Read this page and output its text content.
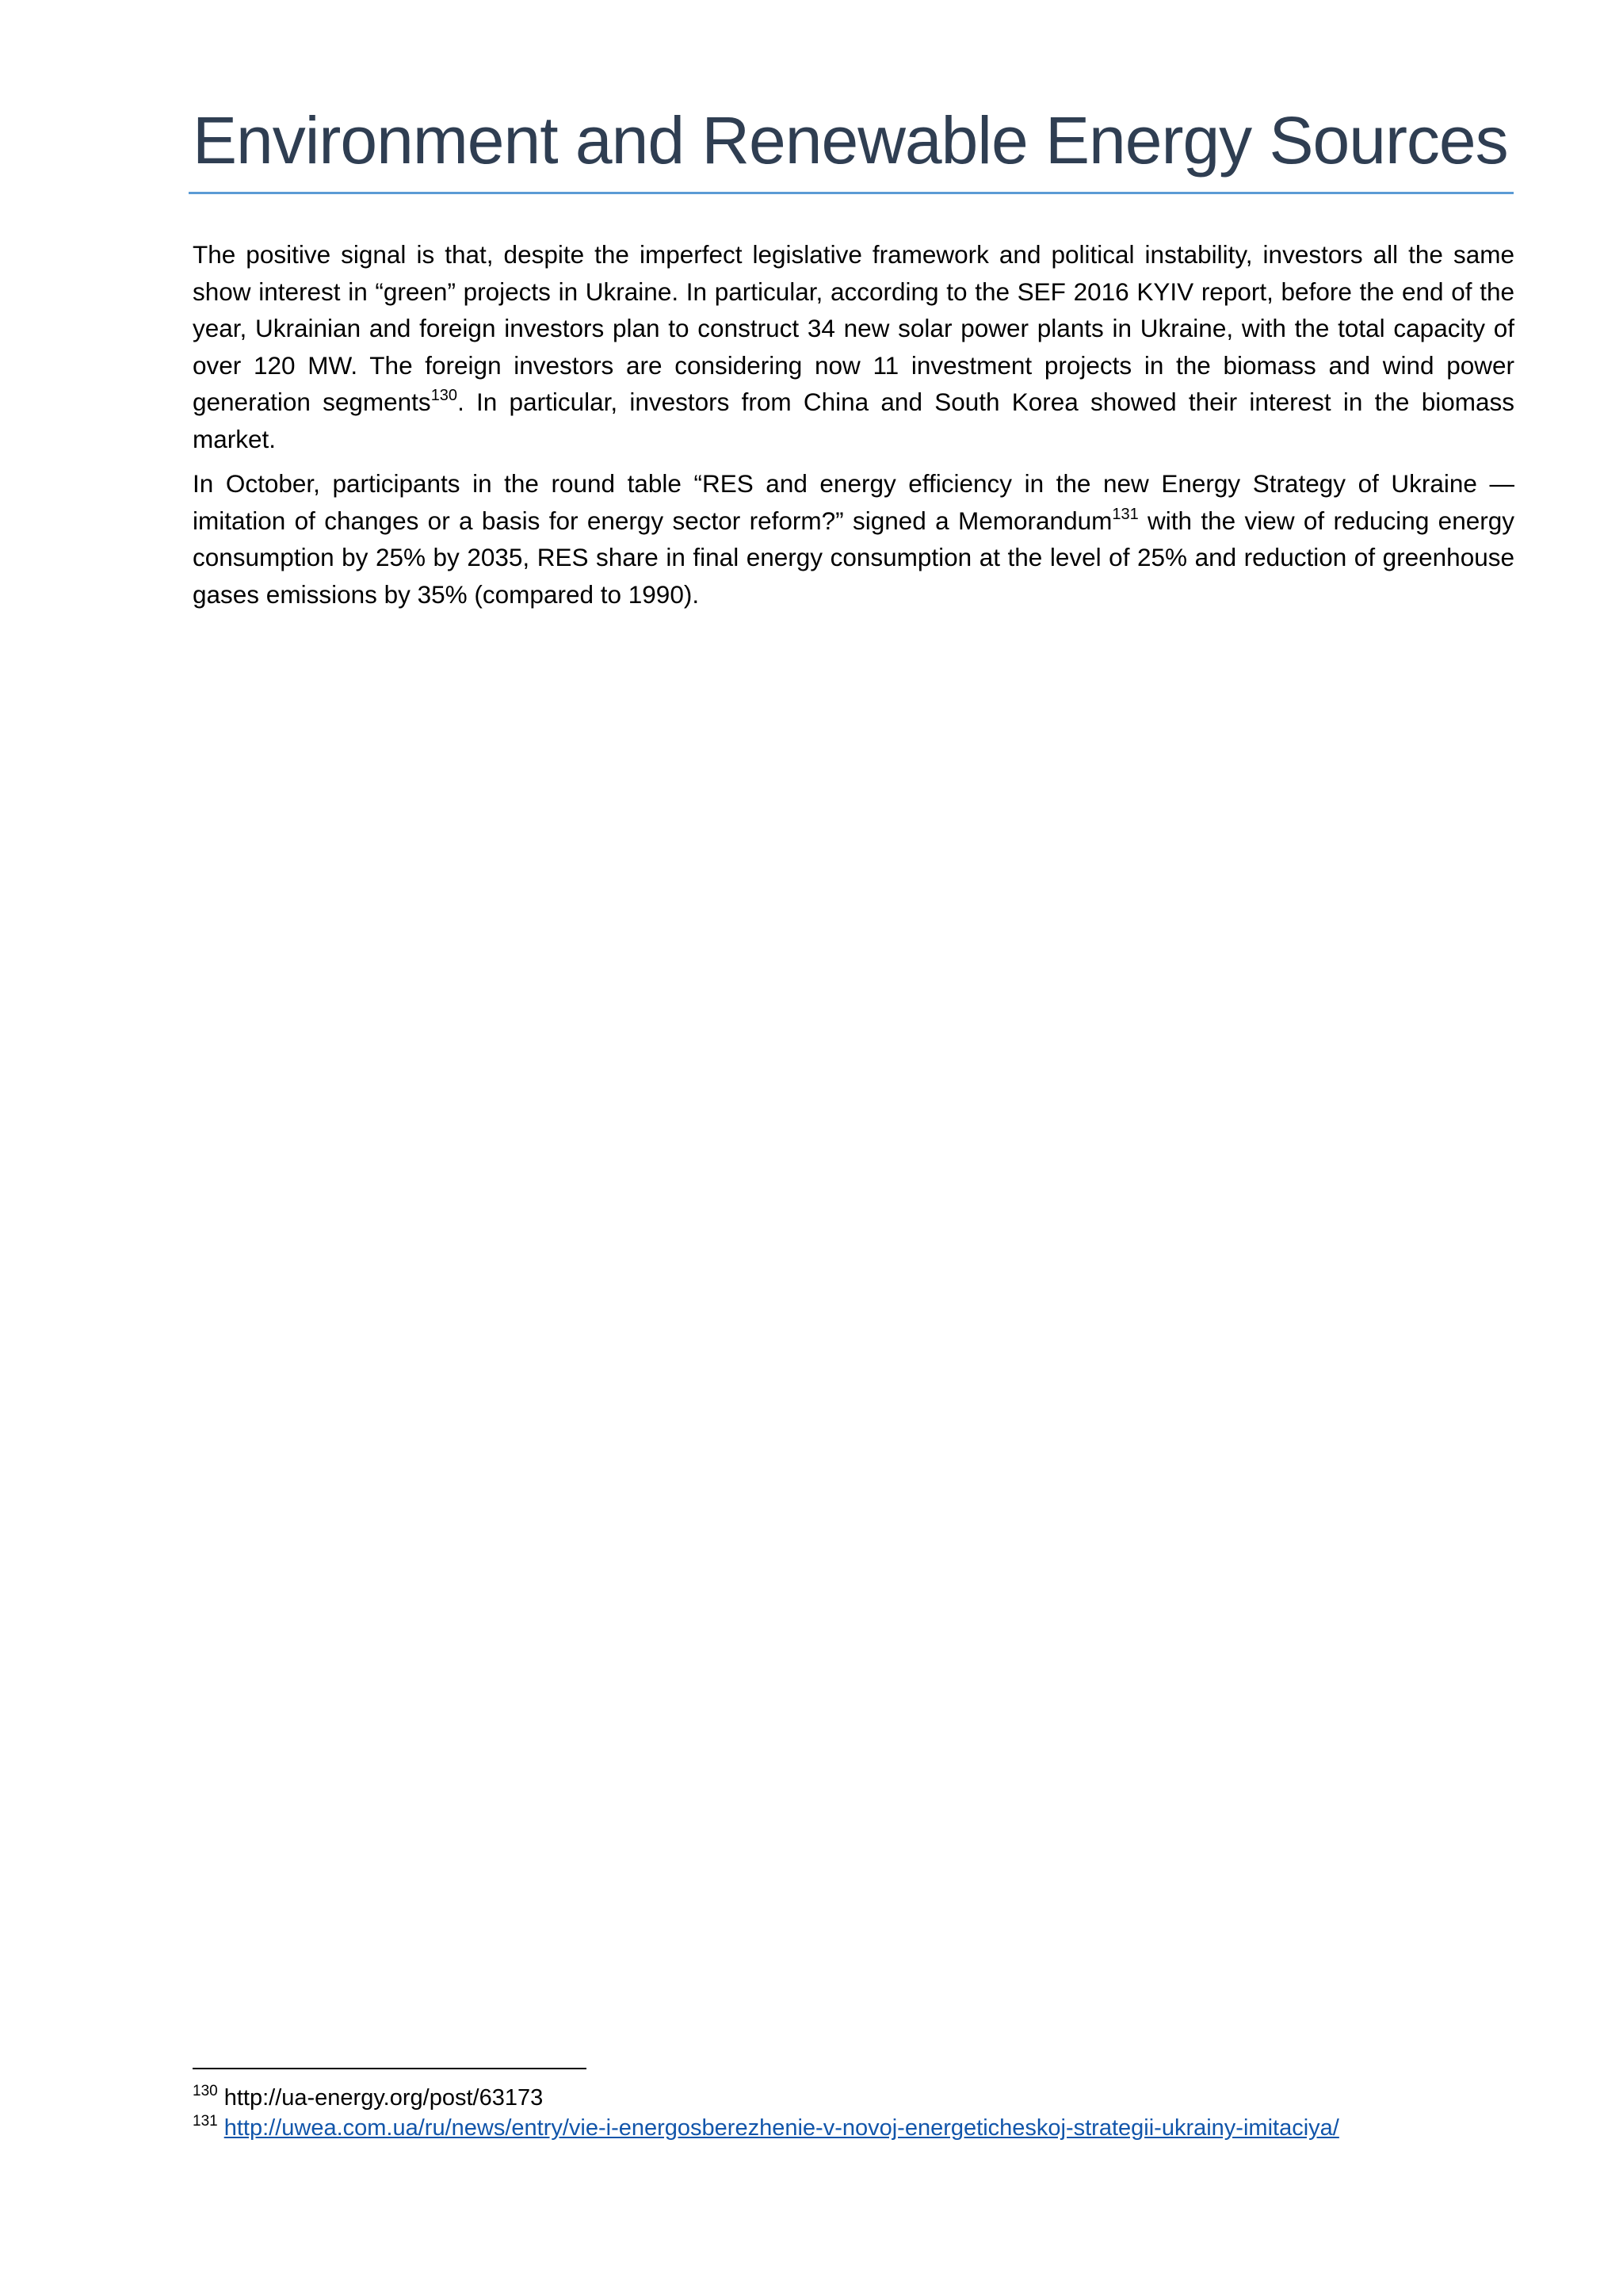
Environment and Renewable Energy Sources

The positive signal is that, despite the imperfect legislative framework and political instability, investors all the same show interest in “green” projects in Ukraine. In particular, according to the SEF 2016 KYIV report, before the end of the year, Ukrainian and foreign investors plan to construct 34 new solar power plants in Ukraine, with the total capacity of over 120 MW. The foreign investors are considering now 11 investment projects in the biomass and wind power generation segments$^{130}$. In particular, investors from China and South Korea showed their interest in the biomass market.

In October, participants in the round table “RES and energy efficiency in the new Energy Strategy of Ukraine — imitation of changes or a basis for energy sector reform?” signed a Memorandum$^{131}$ with the view of reducing energy consumption by 25% by 2035, RES share in final energy consumption at the level of 25% and reduction of greenhouse gases emissions by 35% (compared to 1990).

$^{130}$ http://ua-energy.org/post/63173
$^{131}$ http://uwea.com.ua/ru/news/entry/vie-i-energosberezhenie-v-novoj-energeticheskoj-strategii-ukrainy-imitaciya/
